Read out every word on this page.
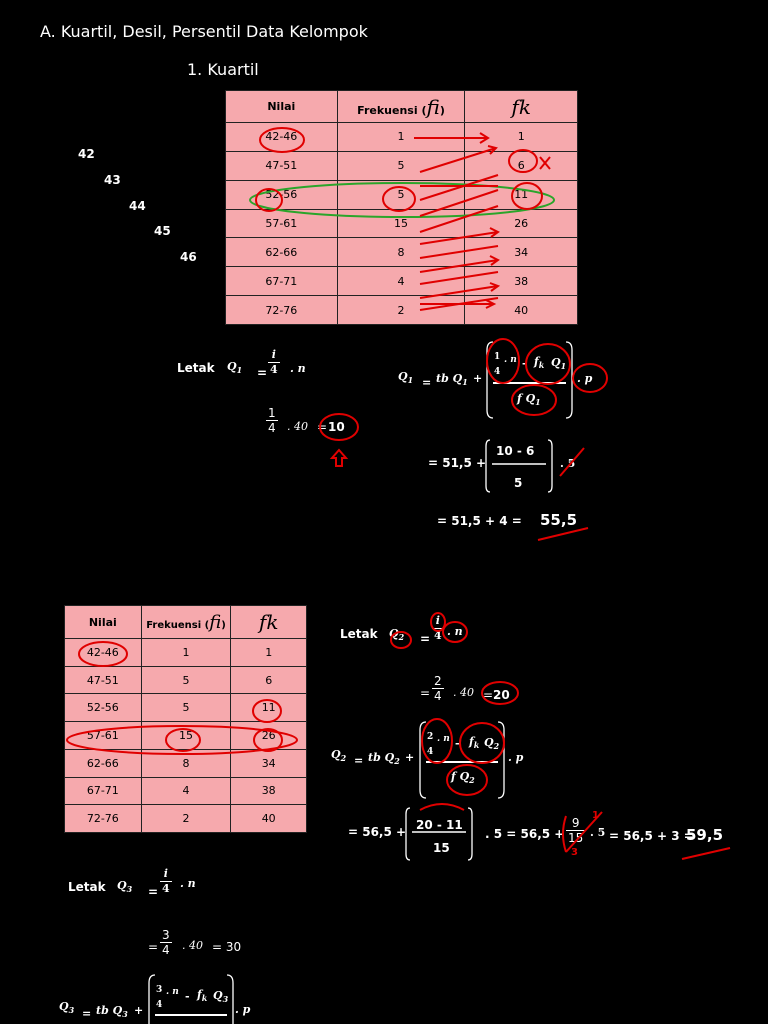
A. Kuartil, Desil, Persentil Data Kelompok
1. Kuartil
42
43
44
45
46
Nilai	Frekuensi (fi)	fk
42-46	1	1
47-51	5	6
52-56	5	11
57-61	15	26
62-66	8	34
67-71	4	38
72-76	2	40
Nilai	Frekuensi (fi)	fk
42-46	1	1
47-51	5	6
52-56	5	11
57-61	15	26
62-66	8	34
67-71	4	38
72-76	2	40
Letak $Q_1 = \frac{i}{4}$ . n
$\frac{1}{4}$ . 40 = 10
$Q_1$ = tb $Q_1$ +
1
4
. n - $f_k$ $Q_1$
f $Q_1$
. p
= 51,5 +
10 - 6
5
. 5
= 51,5 + 4 = 55,5
Letak $Q_2 = \frac{i}{4}$ . n
= $\frac{2}{4}$ . 40 = 20
$Q_2$ = tb $Q_2$ +
2
4
. n - $f_k$ $Q_2$
f $Q_2$
. p
= 56,5 + 20 - 11
15
. $5 = 56,5 + \frac{9}{15}$ . 5
1
3
= 56,5 + 3 =
59,5
Letak $Q_3 = \frac{i}{4}$ . n
= $\frac{3}{4}$ . 40 = 30
$Q_3$ = tb $Q_3$ +
3
4
. n - $f_k$ $Q_3$
. p
